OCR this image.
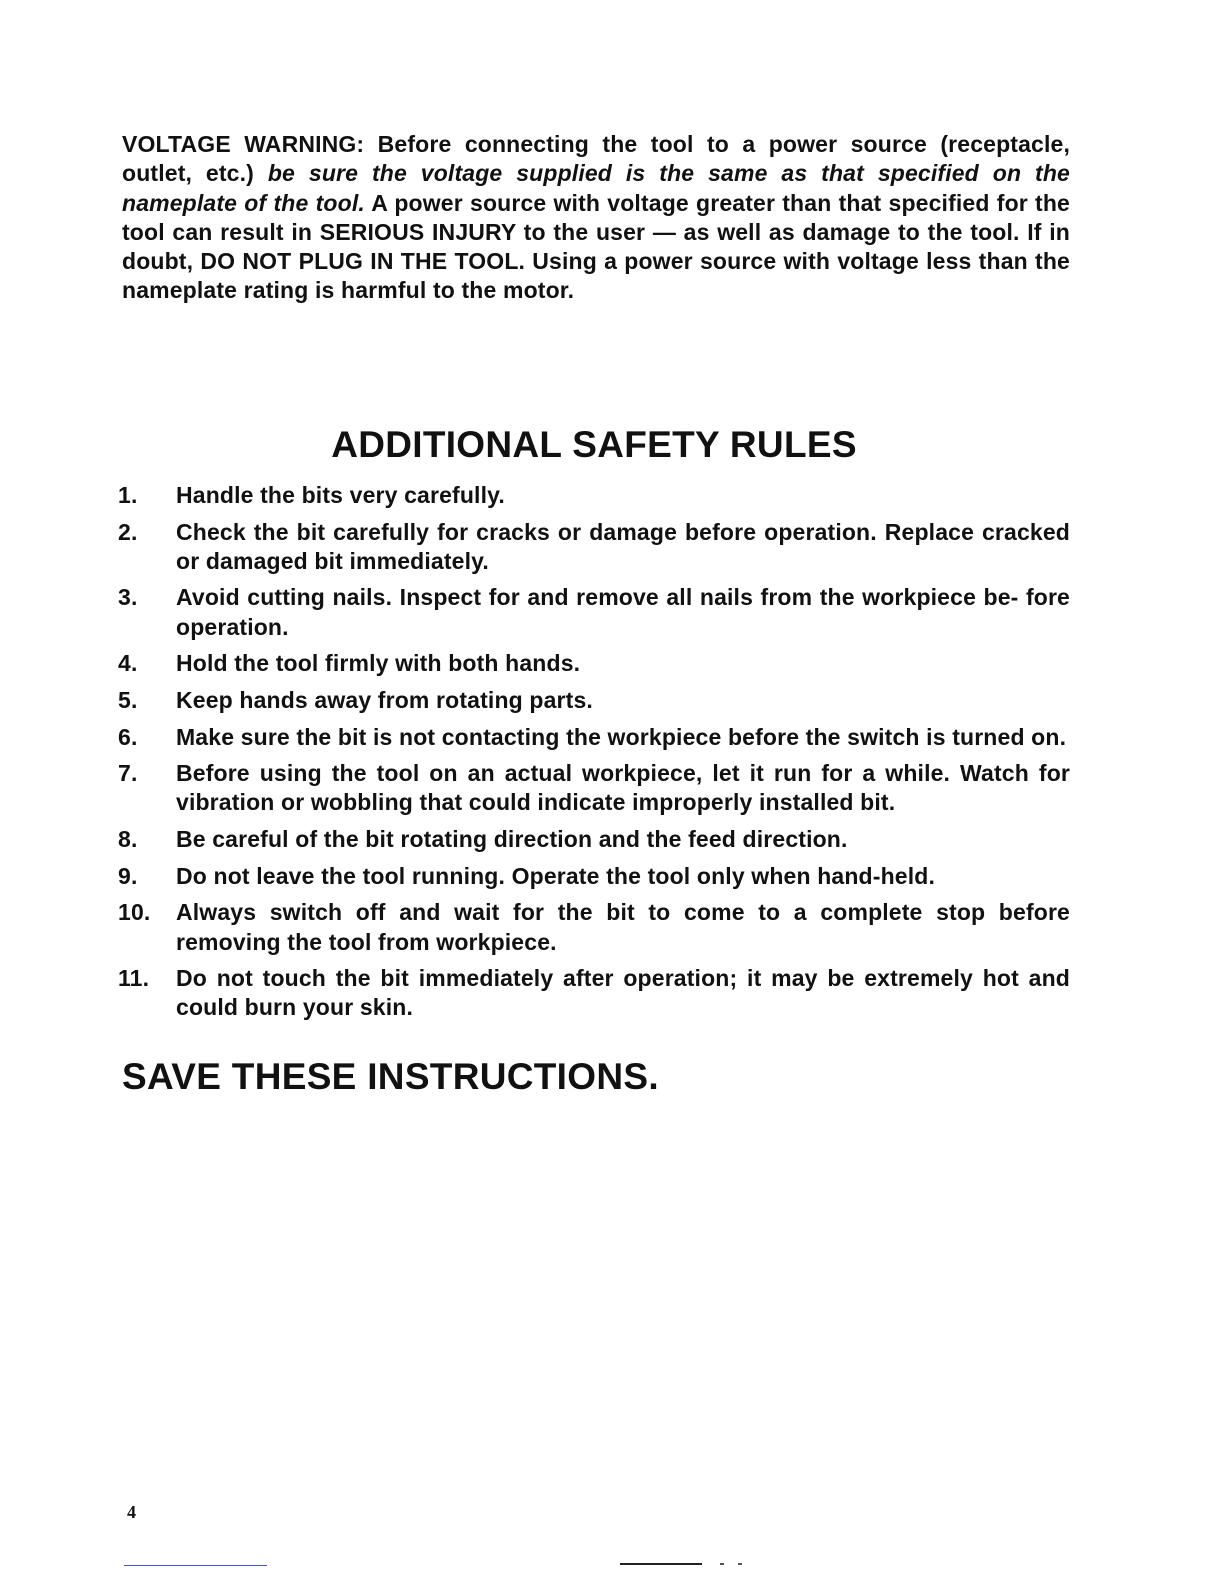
VOLTAGE WARNING: Before connecting the tool to a power source (receptacle, outlet, etc.) be sure the voltage supplied is the same as that specified on the nameplate of the tool. A power source with voltage greater than that specified for the tool can result in SERIOUS INJURY to the user — as well as damage to the tool. If in doubt, DO NOT PLUG IN THE TOOL. Using a power source with voltage less than the nameplate rating is harmful to the motor.

ADDITIONAL SAFETY RULES
1.	Handle the bits very carefully.
2.	Check the bit carefully for cracks or damage before operation. Replace cracked or damaged bit immediately.
3.	Avoid cutting nails. Inspect for and remove all nails from the workpiece be- fore operation.
4.	Hold the tool firmly with both hands.
5.	Keep hands away from rotating parts.
6.	Make sure the bit is not contacting the workpiece before the switch is turned on.
7.	Before using the tool on an actual workpiece, let it run for a while. Watch for vibration or wobbling that could indicate improperly installed bit.
8.	Be careful of the bit rotating direction and the feed direction.
9.	Do not leave the tool running. Operate the tool only when hand-held.
10.	Always switch off and wait for the bit to come to a complete stop before removing the tool from workpiece.
11.	Do not touch the bit immediately after operation; it may be extremely hot and could burn your skin.
SAVE THESE INSTRUCTIONS.
4
